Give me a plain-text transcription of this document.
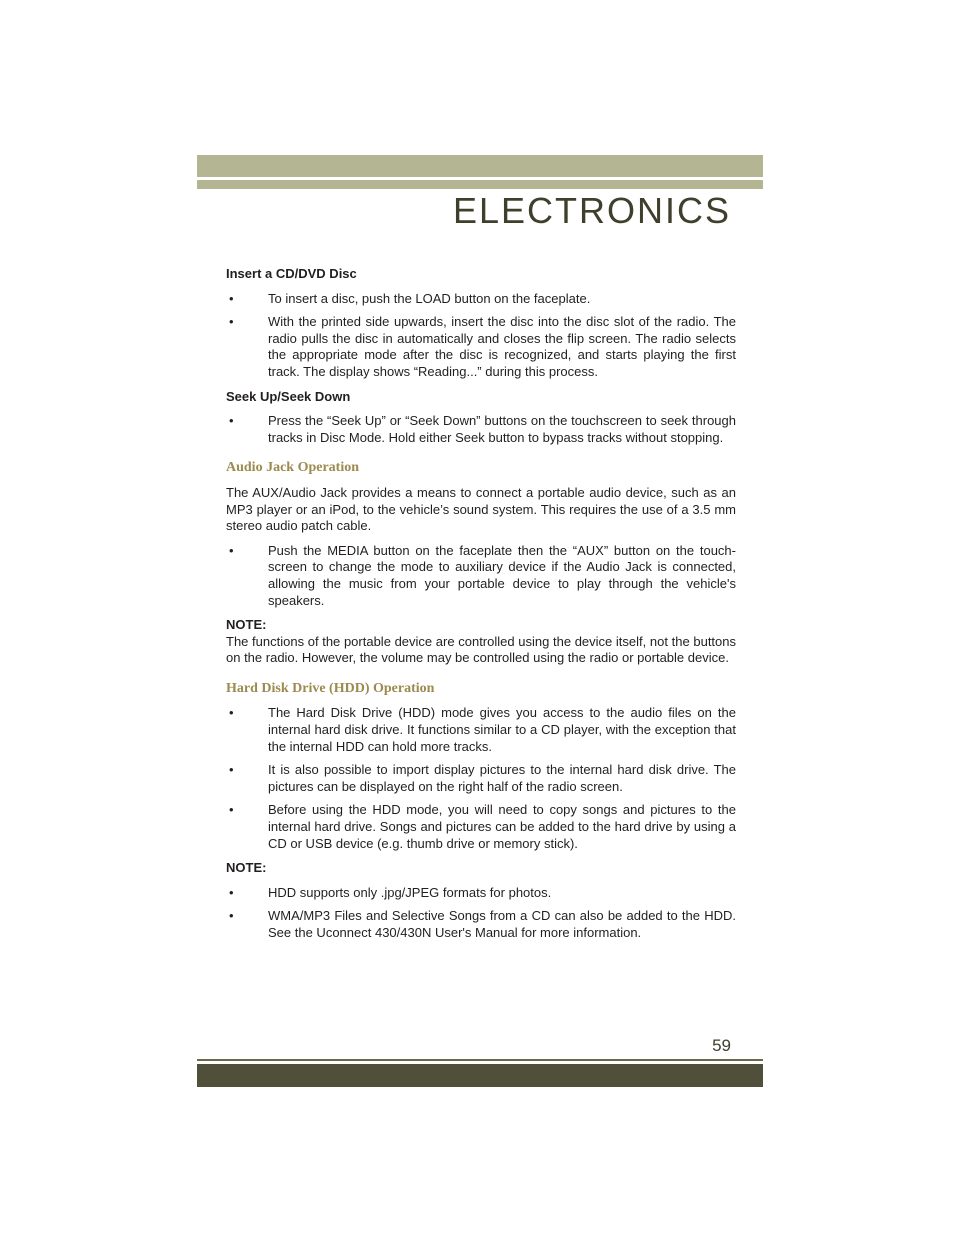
ELECTRONICS
Insert a CD/DVD Disc
• To insert a disc, push the LOAD button on the faceplate.
• With the printed side upwards, insert the disc into the disc slot of the radio. The radio pulls the disc in automatically and closes the flip screen. The radio selects the appropriate mode after the disc is recognized, and starts playing the first track. The display shows “Reading...” during this process.
Seek Up/Seek Down
• Press the “Seek Up” or “Seek Down” buttons on the touchscreen to seek through tracks in Disc Mode. Hold either Seek button to bypass tracks without stopping.
Audio Jack Operation

The AUX/Audio Jack provides a means to connect a portable audio device, such as an MP3 player or an iPod, to the vehicle’s sound system. This requires the use of a 3.5 mm stereo audio patch cable.

• Push the MEDIA button on the faceplate then the “AUX” button on the touch-screen to change the mode to auxiliary device if the Audio Jack is connected, allowing the music from your portable device to play through the vehicle's speakers.
NOTE:

The functions of the portable device are controlled using the device itself, not the buttons on the radio. However, the volume may be controlled using the radio or portable device.

Hard Disk Drive (HDD) Operation
• The Hard Disk Drive (HDD) mode gives you access to the audio files on the internal hard disk drive. It functions similar to a CD player, with the exception that the internal HDD can hold more tracks.
• It is also possible to import display pictures to the internal hard disk drive. The pictures can be displayed on the right half of the radio screen.
• Before using the HDD mode, you will need to copy songs and pictures to the internal hard drive. Songs and pictures can be added to the hard drive by using a CD or USB device (e.g. thumb drive or memory stick).
NOTE:
• HDD supports only .jpg/JPEG formats for photos.
• WMA/MP3 Files and Selective Songs from a CD can also be added to the HDD. See the Uconnect 430/430N User's Manual for more information.
59
